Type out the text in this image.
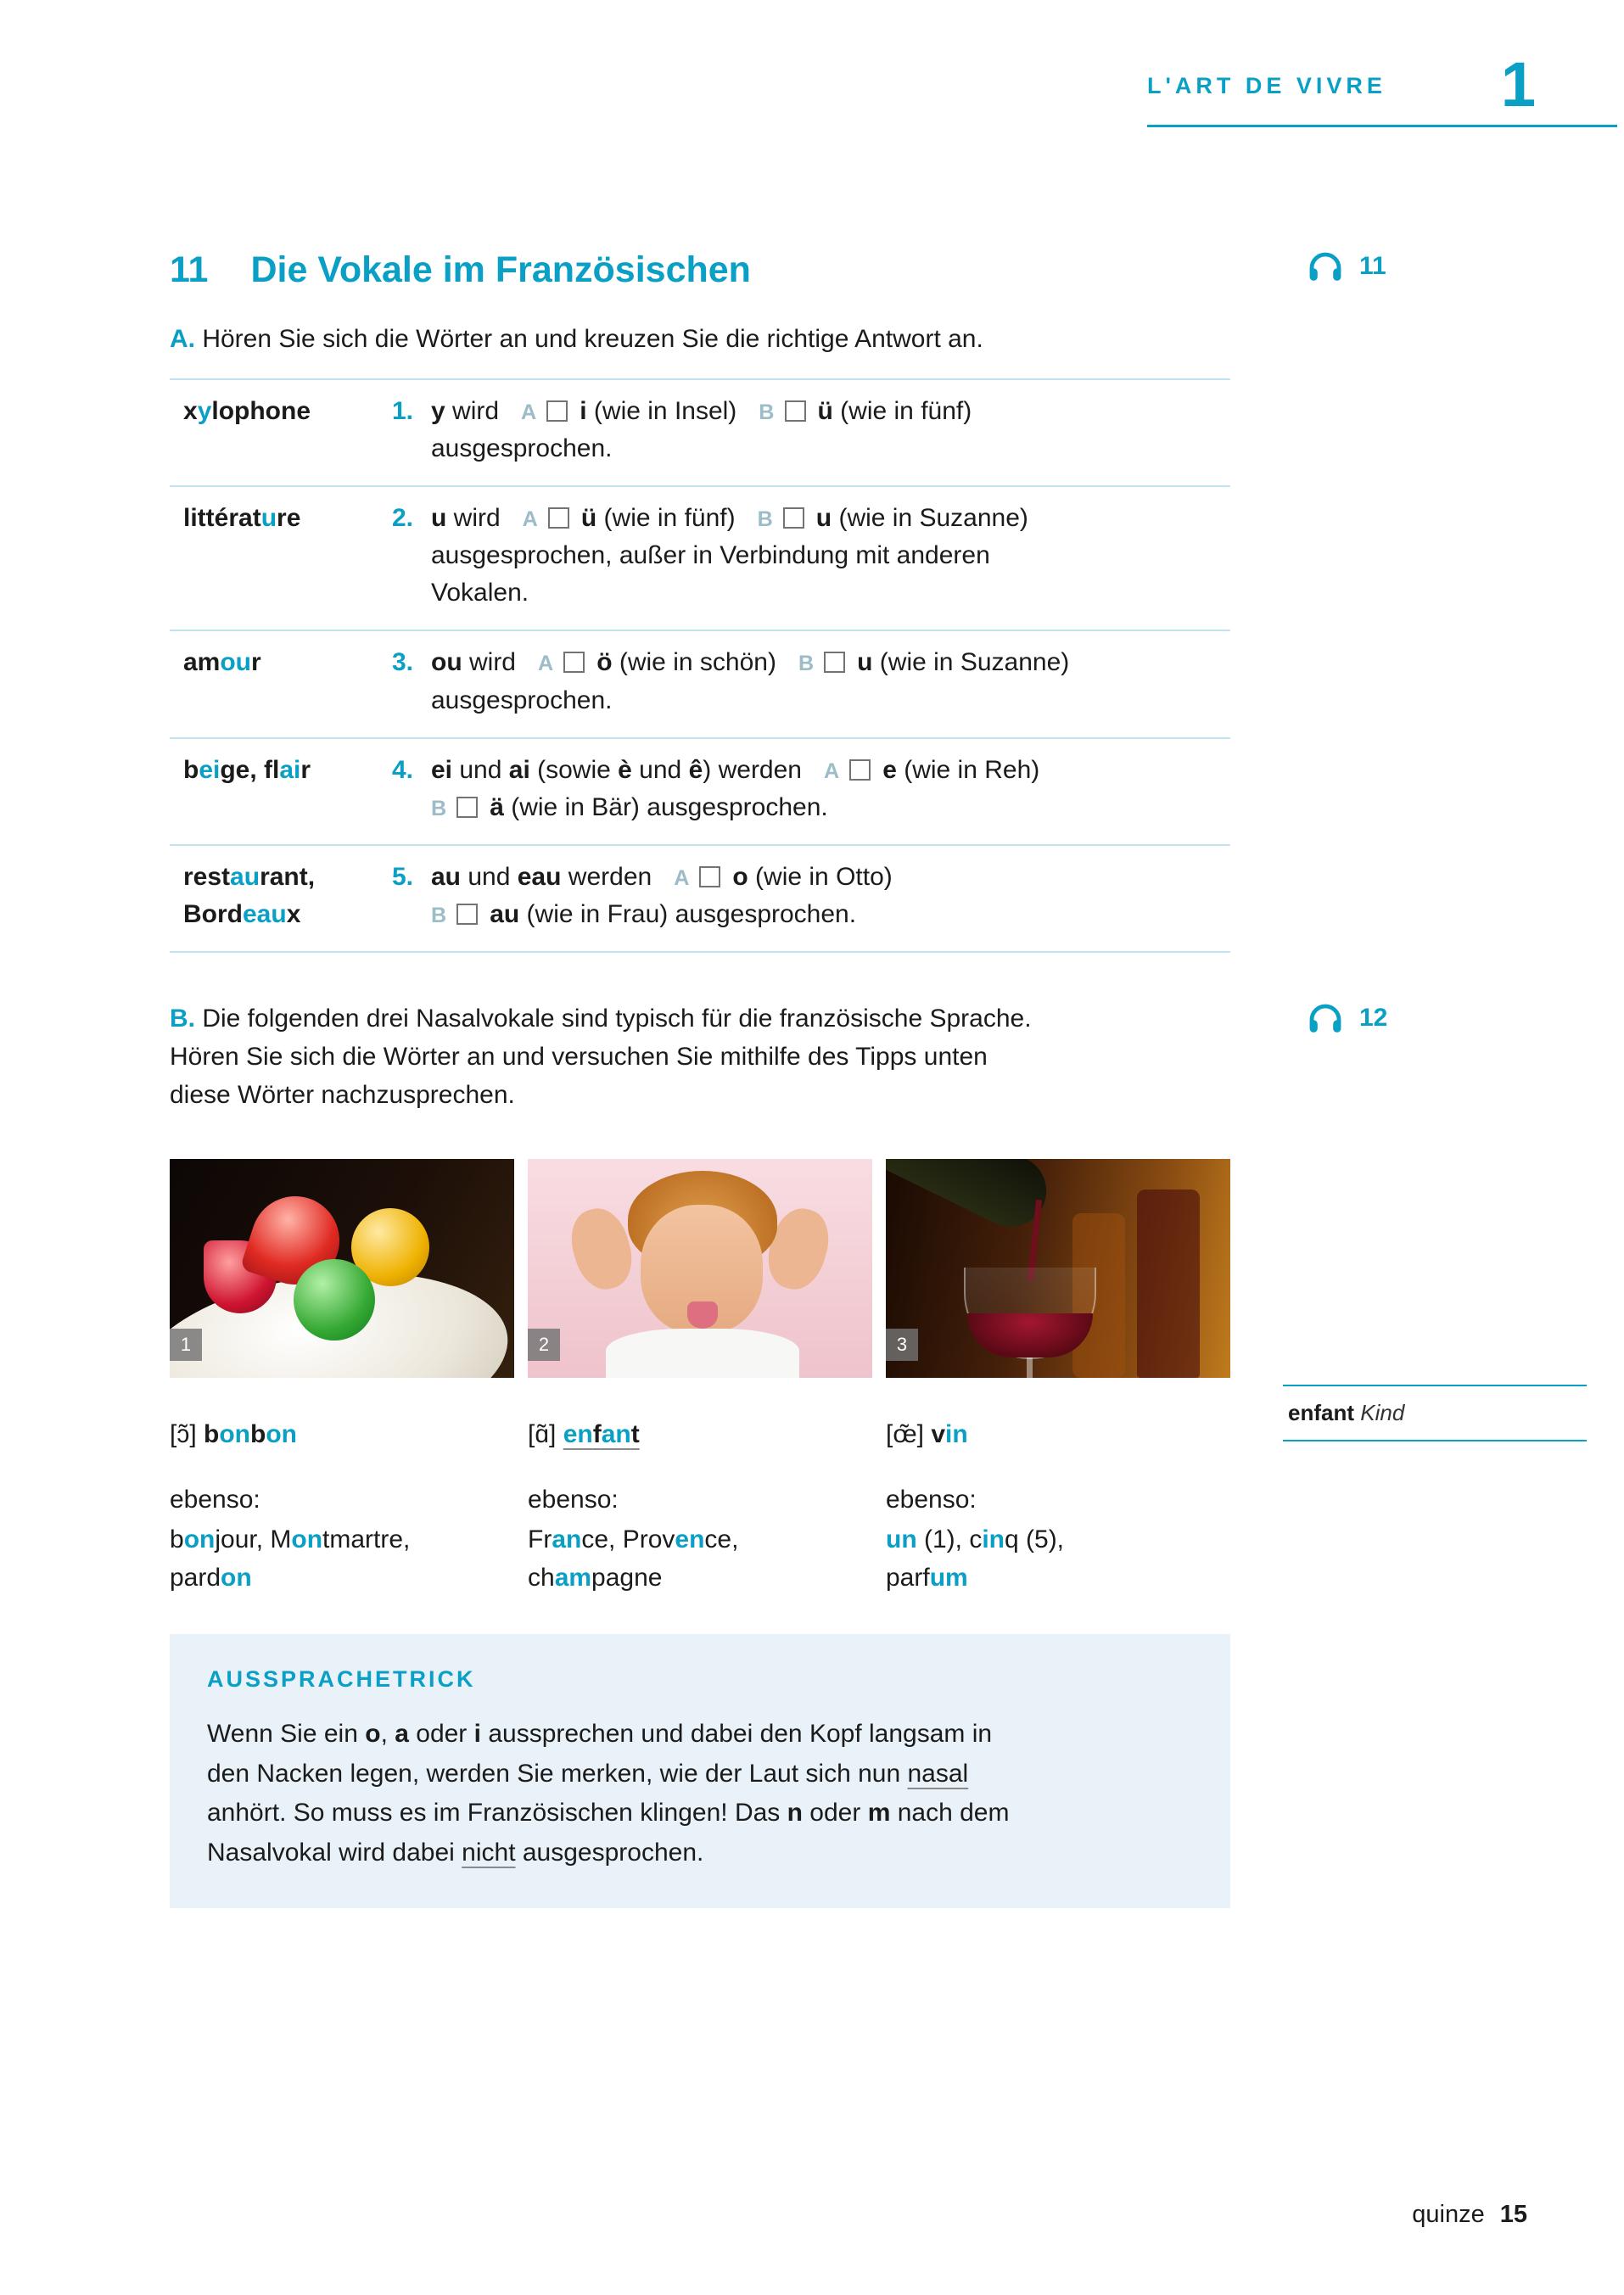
L'ART DE VIVRE 1
11 Die Vokale im Französischen	11

A. Hören Sie sich die Wörter an und kreuzen Sie die richtige Antwort an.

xylophone	1. y wird A i (wie in Insel) B ü (wie in fünf)
ausgesprochen.
littérature	2. u wird A ü (wie in fünf) B u (wie in Suzanne)
ausgesprochen, außer in Verbindung mit anderen
Vokalen.
amour	3. ou wird A ö (wie in schön) B u (wie in Suzanne)
ausgesprochen.
beige, flair	4. ei und ai (sowie è und ê) werden A e (wie in Reh)
B ä (wie in Bär) ausgesprochen.
restaurant,
Bordeaux
5. au und eau werden A o (wie in Otto)
B au (wie in Frau) ausgesprochen.
12

B. Die folgenden drei Nasalvokale sind typisch für die französische Sprache.
Hören Sie sich die Wörter an und versuchen Sie mithilfe des Tipps unten
diese Wörter nachzusprechen.

1	2	3

[ɔ̃] bonbon

ebenso:

bonjour, Montmartre,
pardon

[ɑ̃] enfant

ebenso:

France, Provence,
champagne

[œ̃] vin

ebenso:

un (1), cinq (5),
parfum

enfant Kind

AUSSPRACHETRICK

Wenn Sie ein o, a oder i aussprechen und dabei den Kopf langsam in
den Nacken legen, werden Sie merken, wie der Laut sich nun nasal
anhört. So muss es im Französischen klingen! Das n oder m nach dem
Nasalvokal wird dabei nicht ausgesprochen.

quinze 15
